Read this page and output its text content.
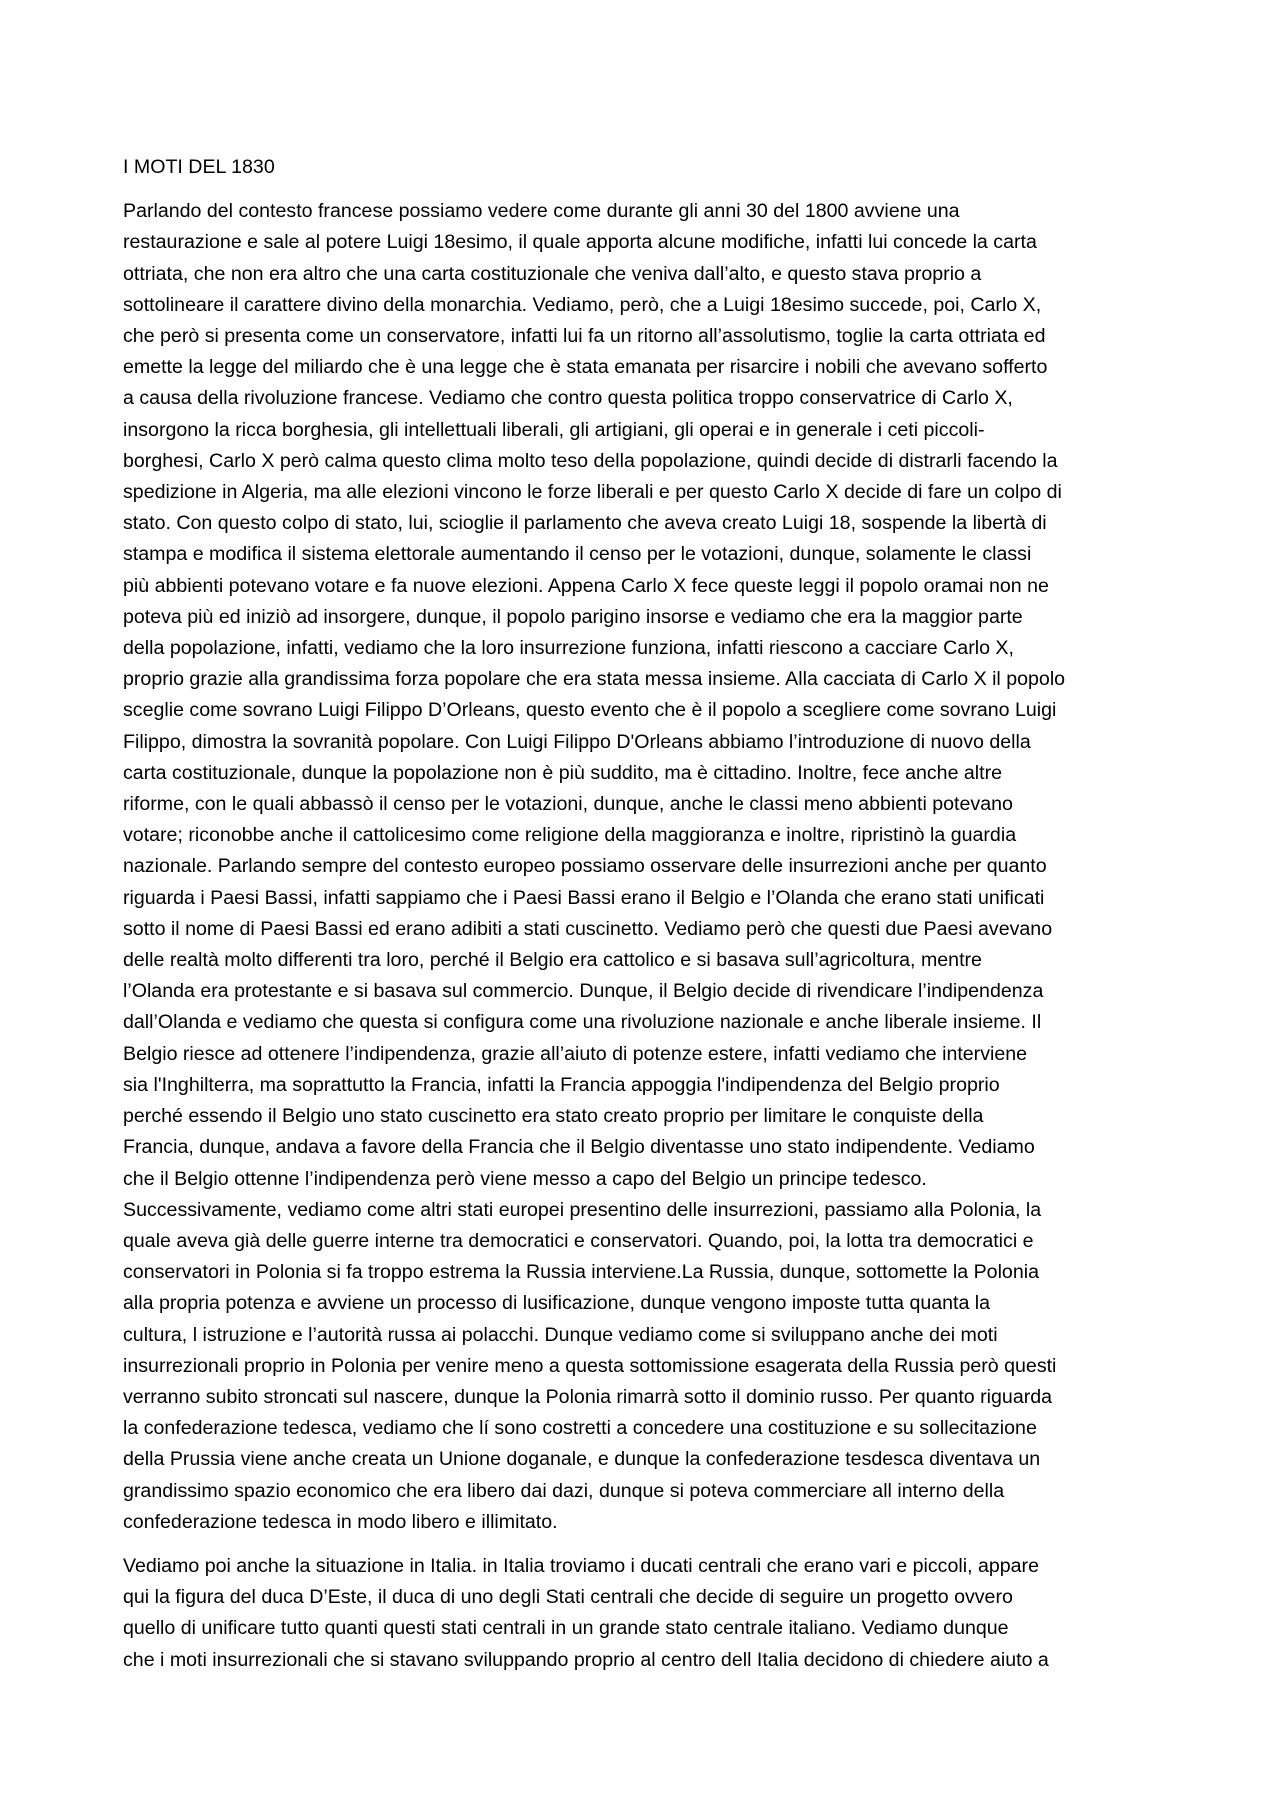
I MOTI DEL 1830
Parlando del contesto francese possiamo vedere come durante gli anni 30 del 1800 avviene una
restaurazione e sale al potere Luigi 18esimo, il quale apporta alcune modifiche, infatti lui concede la carta
ottriata, che non era altro che una carta costituzionale che veniva dall’alto, e questo stava proprio a
sottolineare il carattere divino della monarchia. Vediamo, però, che a Luigi 18esimo succede, poi, Carlo X,
che però si presenta come un conservatore, infatti lui fa un ritorno all’assolutismo, toglie la carta ottriata ed
emette la legge del miliardo che è una legge che è stata emanata per risarcire i nobili che avevano sofferto
a causa della rivoluzione francese. Vediamo che contro questa politica troppo conservatrice di Carlo X,
insorgono la ricca borghesia, gli intellettuali liberali, gli artigiani, gli operai e in generale i ceti piccoli-
borghesi, Carlo X però calma questo clima molto teso della popolazione, quindi decide di distrarli facendo la
spedizione in Algeria, ma alle elezioni vincono le forze liberali e per questo Carlo X decide di fare un colpo di
stato. Con questo colpo di stato, lui, scioglie il parlamento che aveva creato Luigi 18, sospende la libertà di
stampa e modifica il sistema elettorale aumentando il censo per le votazioni, dunque, solamente le classi
più abbienti potevano votare e fa nuove elezioni. Appena Carlo X fece queste leggi il popolo oramai non ne
poteva più ed iniziò ad insorgere, dunque, il popolo parigino insorse e vediamo che era la maggior parte
della popolazione, infatti, vediamo che la loro insurrezione funziona, infatti riescono a cacciare Carlo X,
proprio grazie alla grandissima forza popolare che era stata messa insieme. Alla cacciata di Carlo X il popolo
sceglie come sovrano Luigi Filippo D’Orleans, questo evento che è il popolo a scegliere come sovrano Luigi
Filippo, dimostra la sovranità popolare. Con Luigi Filippo D'Orleans abbiamo l’introduzione di nuovo della
carta costituzionale, dunque la popolazione non è più suddito, ma è cittadino. Inoltre, fece anche altre
riforme, con le quali abbassò il censo per le votazioni, dunque, anche le classi meno abbienti potevano
votare; riconobbe anche il cattolicesimo come religione della maggioranza e inoltre, ripristinò la guardia
nazionale. Parlando sempre del contesto europeo possiamo osservare delle insurrezioni anche per quanto
riguarda i Paesi Bassi, infatti sappiamo che i Paesi Bassi erano il Belgio e l’Olanda che erano stati unificati
sotto il nome di Paesi Bassi ed erano adibiti a stati cuscinetto. Vediamo però che questi due Paesi avevano
delle realtà molto differenti tra loro, perché il Belgio era cattolico e si basava sull’agricoltura, mentre
l’Olanda era protestante e si basava sul commercio. Dunque, il Belgio decide di rivendicare l’indipendenza
dall’Olanda e vediamo che questa si configura come una rivoluzione nazionale e anche liberale insieme. Il
Belgio riesce ad ottenere l’indipendenza, grazie all’aiuto di potenze estere, infatti vediamo che interviene
sia l'Inghilterra, ma soprattutto la Francia, infatti la Francia appoggia l'indipendenza del Belgio proprio
perché essendo il Belgio uno stato cuscinetto era stato creato proprio per limitare le conquiste della
Francia, dunque, andava a favore della Francia che il Belgio diventasse uno stato indipendente. Vediamo
che il Belgio ottenne l’indipendenza però viene messo a capo del Belgio un principe tedesco.
Successivamente, vediamo come altri stati europei presentino delle insurrezioni, passiamo alla Polonia, la
quale aveva già delle guerre interne tra democratici e conservatori. Quando, poi, la lotta tra democratici e
conservatori in Polonia si fa troppo estrema la Russia interviene.La Russia, dunque, sottomette la Polonia
alla propria potenza e avviene un processo di lusificazione, dunque vengono imposte tutta quanta la
cultura, l istruzione e l’autorità russa ai polacchi. Dunque vediamo come si sviluppano anche dei moti
insurrezionali proprio in Polonia per venire meno a questa sottomissione esagerata della Russia però questi
verranno subito stroncati sul nascere, dunque la Polonia rimarrà sotto il dominio russo. Per quanto riguarda
la confederazione tedesca, vediamo che lí sono costretti a concedere una costituzione e su sollecitazione
della Prussia viene anche creata un Unione doganale, e dunque la confederazione tesdesca diventava un
grandissimo spazio economico che era libero dai dazi, dunque si poteva commerciare all interno della
confederazione tedesca in modo libero e illimitato.
Vediamo poi anche la situazione in Italia. in Italia troviamo i ducati centrali che erano vari e piccoli, appare
qui la figura del duca D’Este, il duca di uno degli Stati centrali che decide di seguire un progetto ovvero
quello di unificare tutto quanti questi stati centrali in un grande stato centrale italiano. Vediamo dunque
che i moti insurrezionali che si stavano sviluppando proprio al centro dell Italia decidono di chiedere aiuto a
